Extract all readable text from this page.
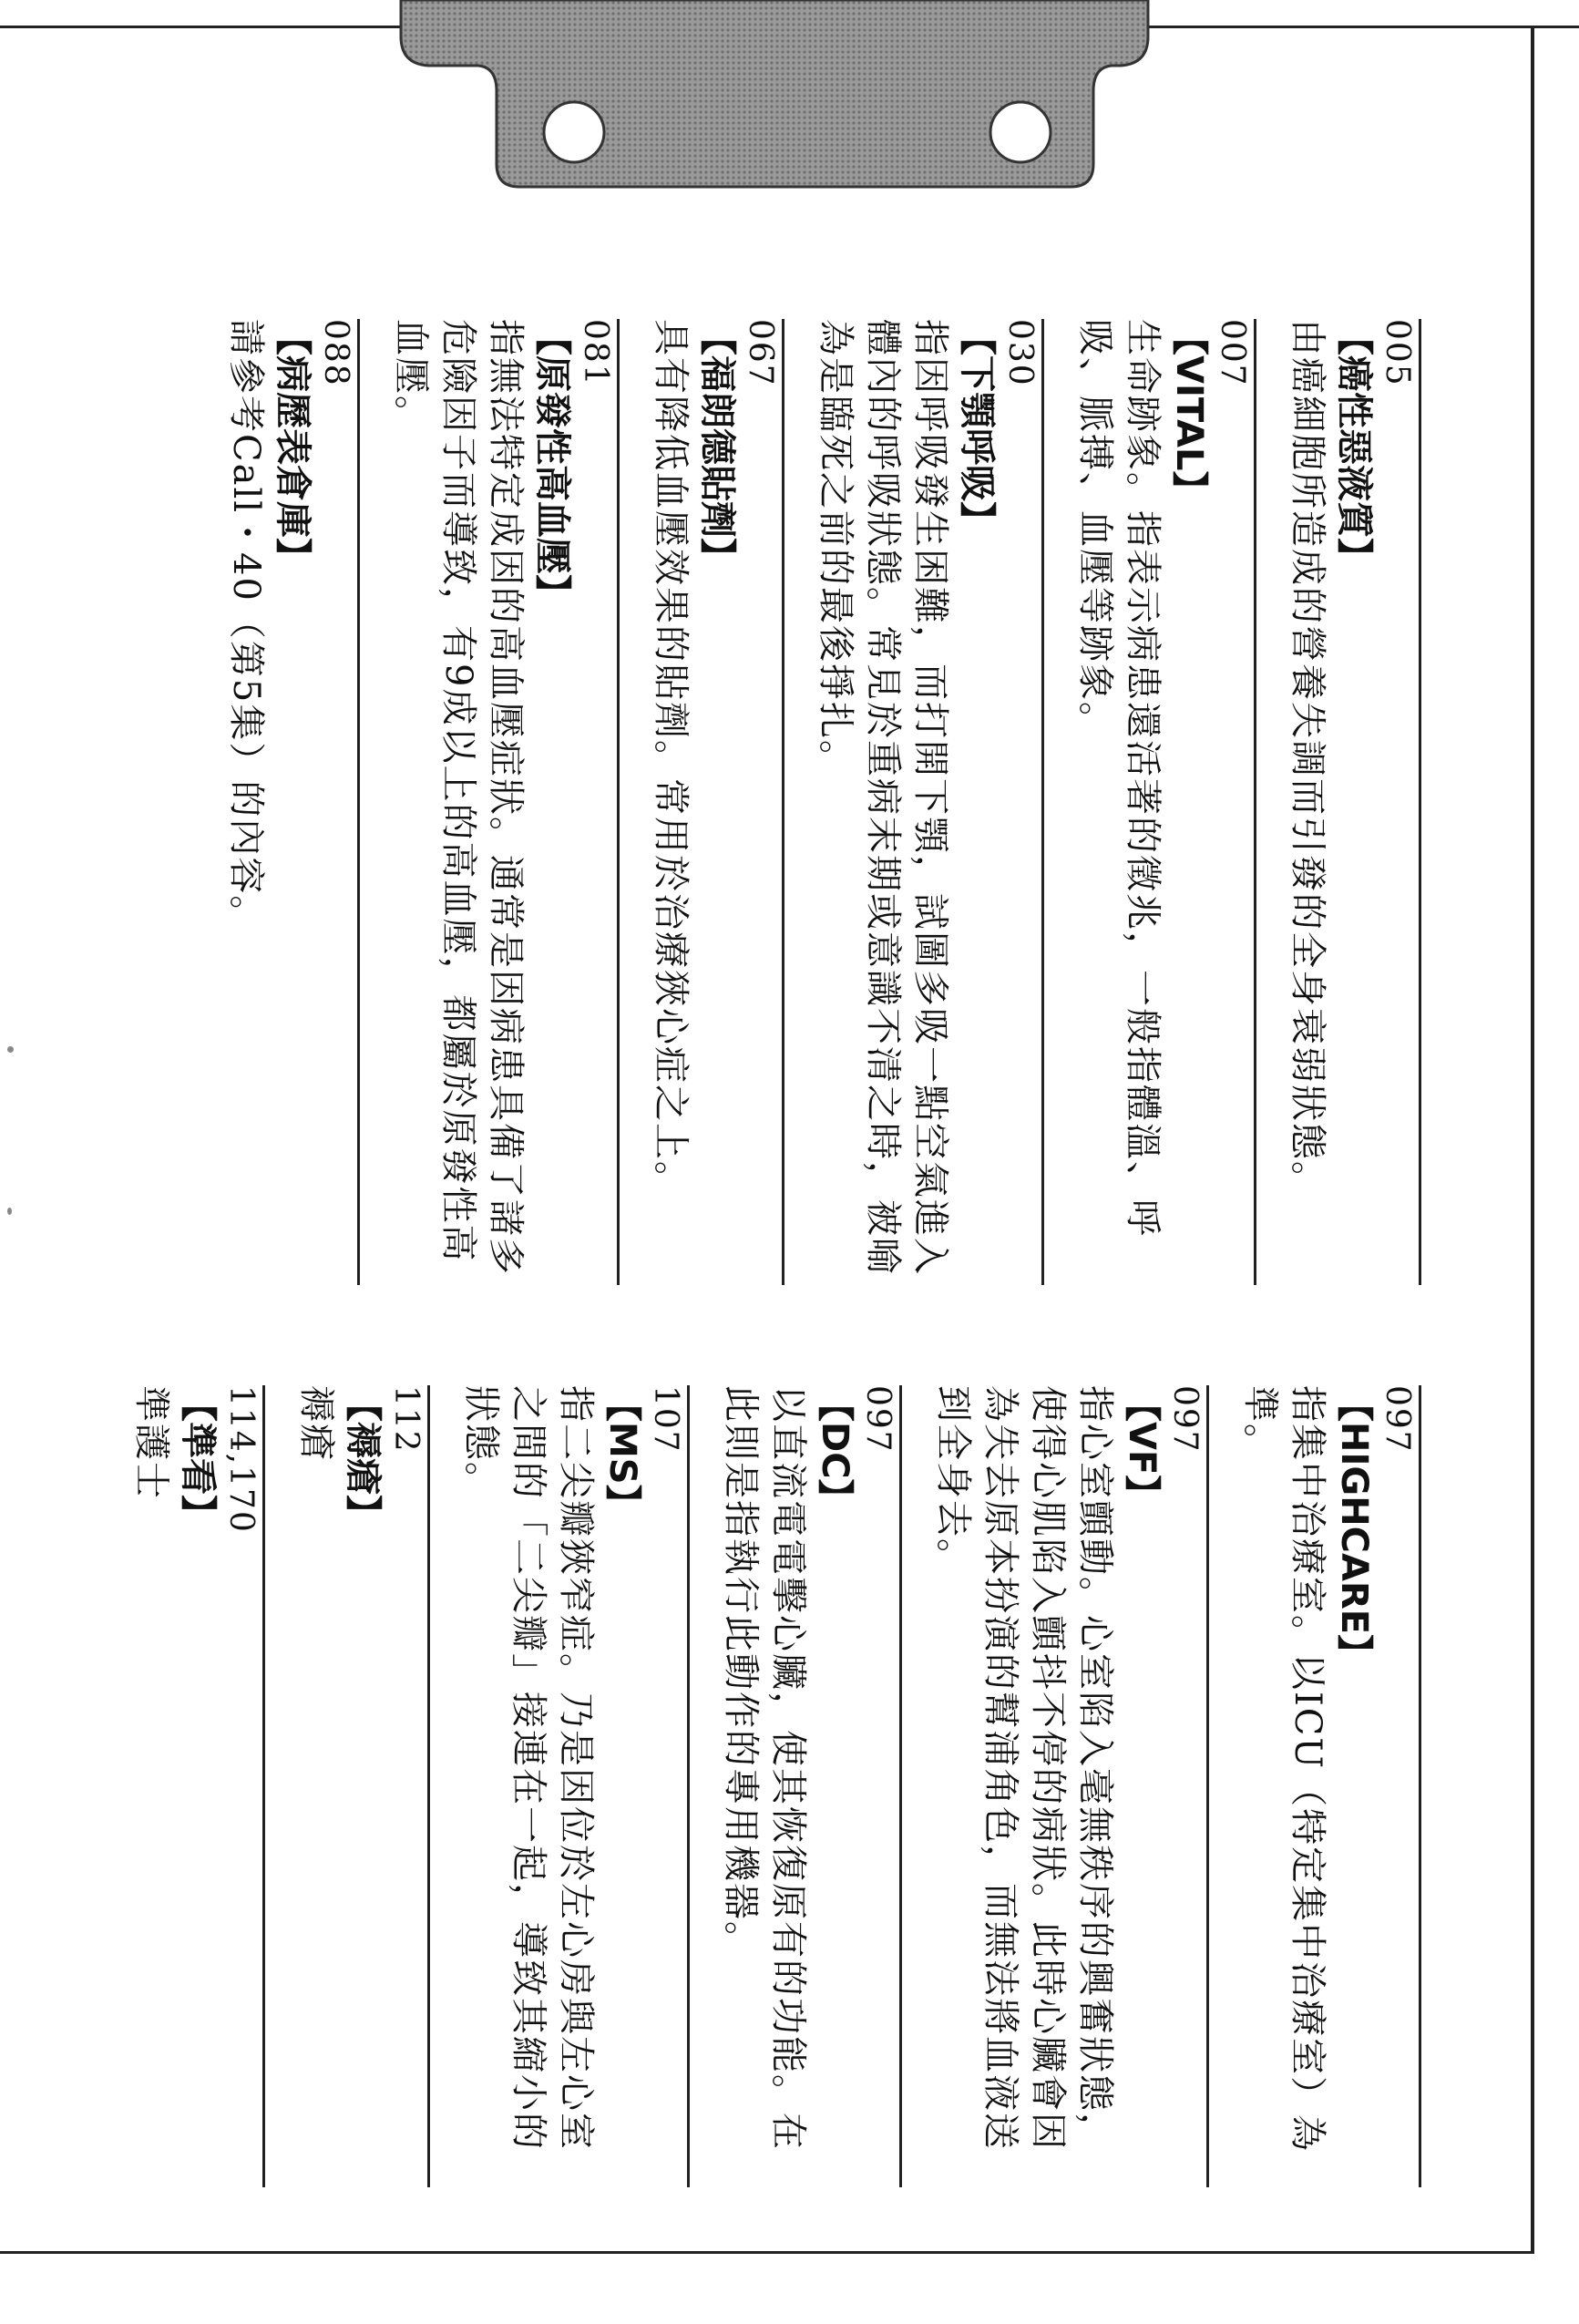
005
【癌性惡液質】
由癌細胞所造成的營養失調而引發的全身衰弱狀態。
007
【VITAL】
生命跡象。指表示病患還活著的徵兆，一般指體溫、呼吸、脈搏、血壓等跡象。
030
【下顎呼吸】
指因呼吸發生困難，而打開下顎，試圖多吸一點空氣進入體內的呼吸狀態。常見於重病末期或意識不清之時，被喻為是臨死之前的最後掙扎。
067
【福朗德貼劑】
具有降低血壓效果的貼劑。常用於治療狹心症之上。
081
【原發性高血壓】
指無法特定成因的高血壓症狀。通常是因病患具備了諸多危險因子而導致，有9成以上的高血壓，都屬於原發性高血壓。
088
【病歷表倉庫】
請參考Call・40（第5集）的內容。
097
【HIGHCARE】
指集中治療室。以ICU（特定集中治療室）為準。
097
【VF】
指心室顫動。心室陷入毫無秩序的興奮狀態，使得心肌陷入顫抖不停的病狀。此時心臟會因為失去原本扮演的幫浦角色，而無法將血液送到全身去。
097
【DC】
以直流電電擊心臟，使其恢復原有的功能。在此則是指執行此動作的專用機器。
107
【MS】
指二尖瓣狹窄症。乃是因位於左心房與左心室之間的「二尖瓣」接連在一起，導致其縮小的狀態。
112
【褥瘡】
褥瘡
114,170
【準看】
準護士
